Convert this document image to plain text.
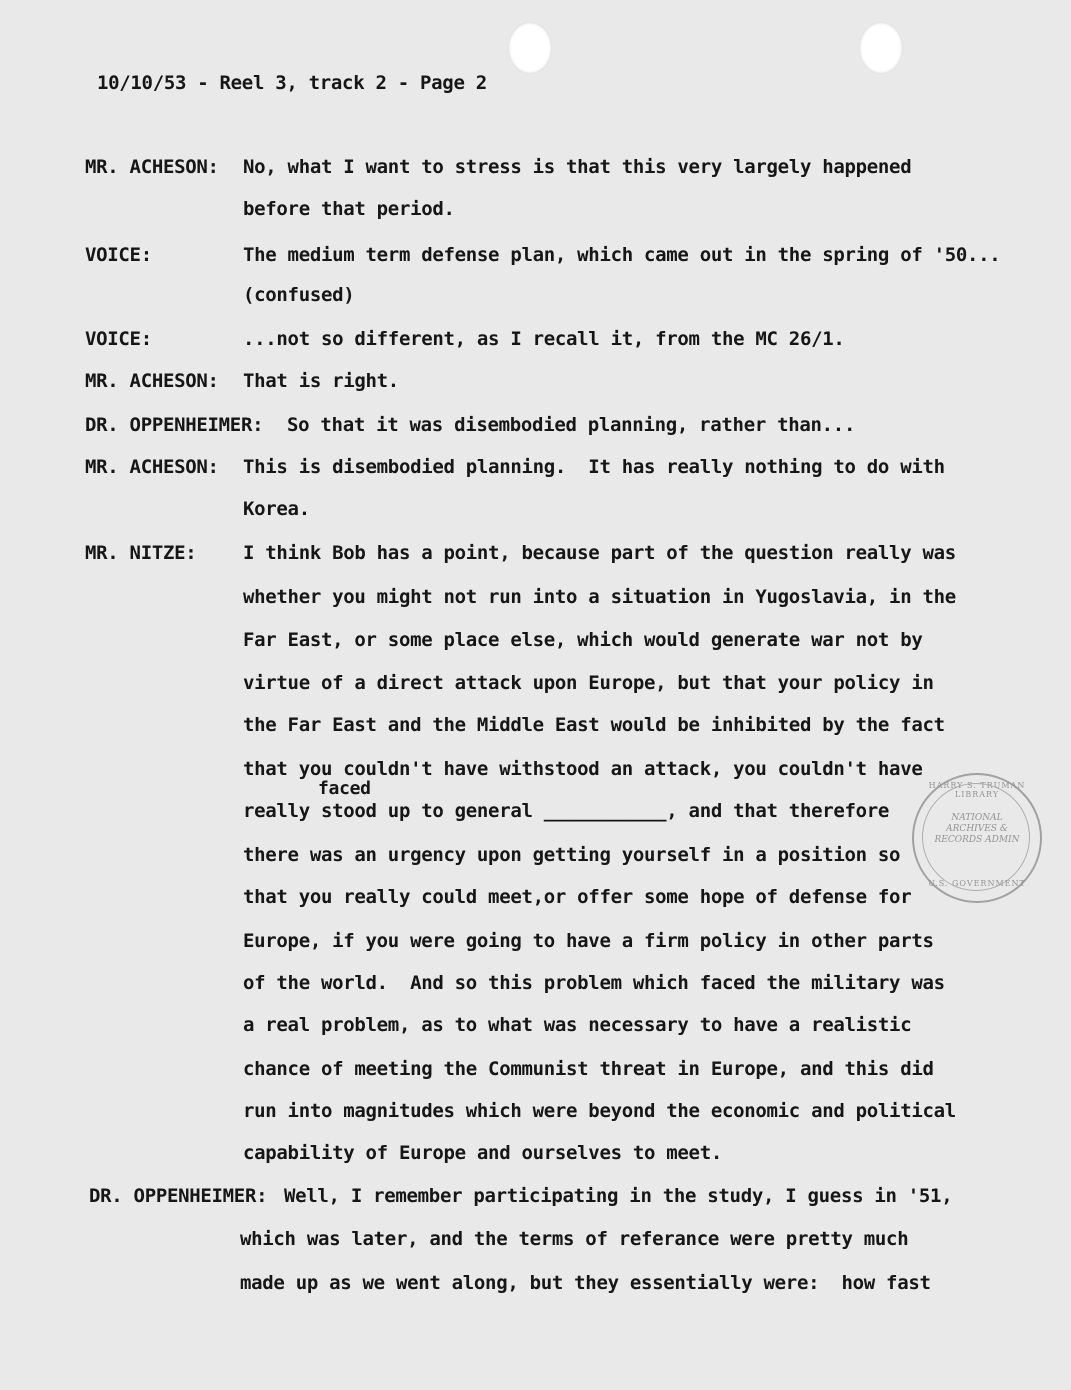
10/10/53 - Reel 3, track 2 - Page 2
MR. ACHESON: No, what I want to stress is that this very largely happened
before that period.
VOICE:	The medium term defense plan, which came out in the spring of '50...
(confused)
VOICE:	...not so different, as I recall it, from the MC 26/1.
MR. ACHESON: That is right.
DR. OPPENHEIMER: So that it was disembodied planning, rather than...
MR. ACHESON: This is disembodied planning.  It has really nothing to do with
Korea.
MR. NITZE: I think Bob has a point, because part of the question really was
whether you might not run into a situation in Yugoslavia, in the
Far East, or some place else, which would generate war not by
virtue of a direct attack upon Europe, but that your policy in
the Far East and the Middle East would be inhibited by the fact
that you couldn't have withstood an attack, you couldn't have
faced
really stood up to general ___________, and that therefore
there was an urgency upon getting yourself in a position so
that you really could meet,or offer some hope of defense for
Europe, if you were going to have a firm policy in other parts
of the world.  And so this problem which faced the military was
a real problem, as to what was necessary to have a realistic
chance of meeting the Communist threat in Europe, and this did
run into magnitudes which were beyond the economic and political
capability of Europe and ourselves to meet.
DR. OPPENHEIMER: Well, I remember participating in the study, I guess in '51,
which was later, and the terms of referance were pretty much
made up as we went along, but they essentially were:  how fast
HARRY S. TRUMAN LIBRARY
NATIONAL ARCHIVES & RECORDS ADMIN
U.S. GOVERNMENT
